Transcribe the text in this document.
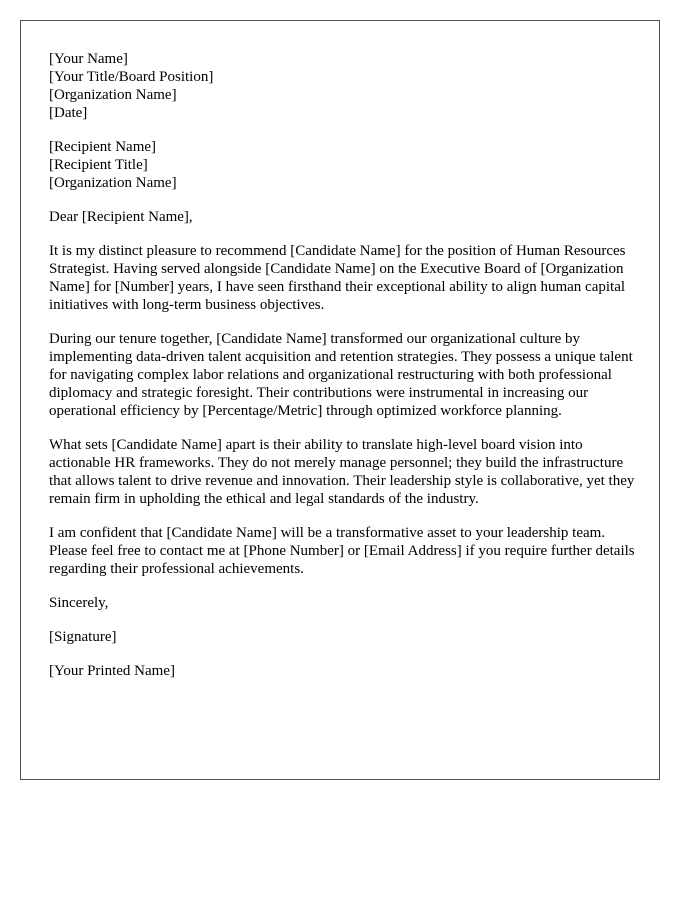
[Your Name]
[Your Title/Board Position]
[Organization Name]
[Date]
[Recipient Name]
[Recipient Title]
[Organization Name]

Dear [Recipient Name],

It is my distinct pleasure to recommend [Candidate Name] for the position of Human Resources Strategist. Having served alongside [Candidate Name] on the Executive Board of [Organization Name] for [Number] years, I have seen firsthand their exceptional ability to align human capital initiatives with long-term business objectives.

During our tenure together, [Candidate Name] transformed our organizational culture by implementing data-driven talent acquisition and retention strategies. They possess a unique talent for navigating complex labor relations and organizational restructuring with both professional diplomacy and strategic foresight. Their contributions were instrumental in increasing our operational efficiency by [Percentage/Metric] through optimized workforce planning.

What sets [Candidate Name] apart is their ability to translate high-level board vision into actionable HR frameworks. They do not merely manage personnel; they build the infrastructure that allows talent to drive revenue and innovation. Their leadership style is collaborative, yet they remain firm in upholding the ethical and legal standards of the industry.

I am confident that [Candidate Name] will be a transformative asset to your leadership team. Please feel free to contact me at [Phone Number] or [Email Address] if you require further details regarding their professional achievements.

Sincerely,

[Signature]

[Your Printed Name]
